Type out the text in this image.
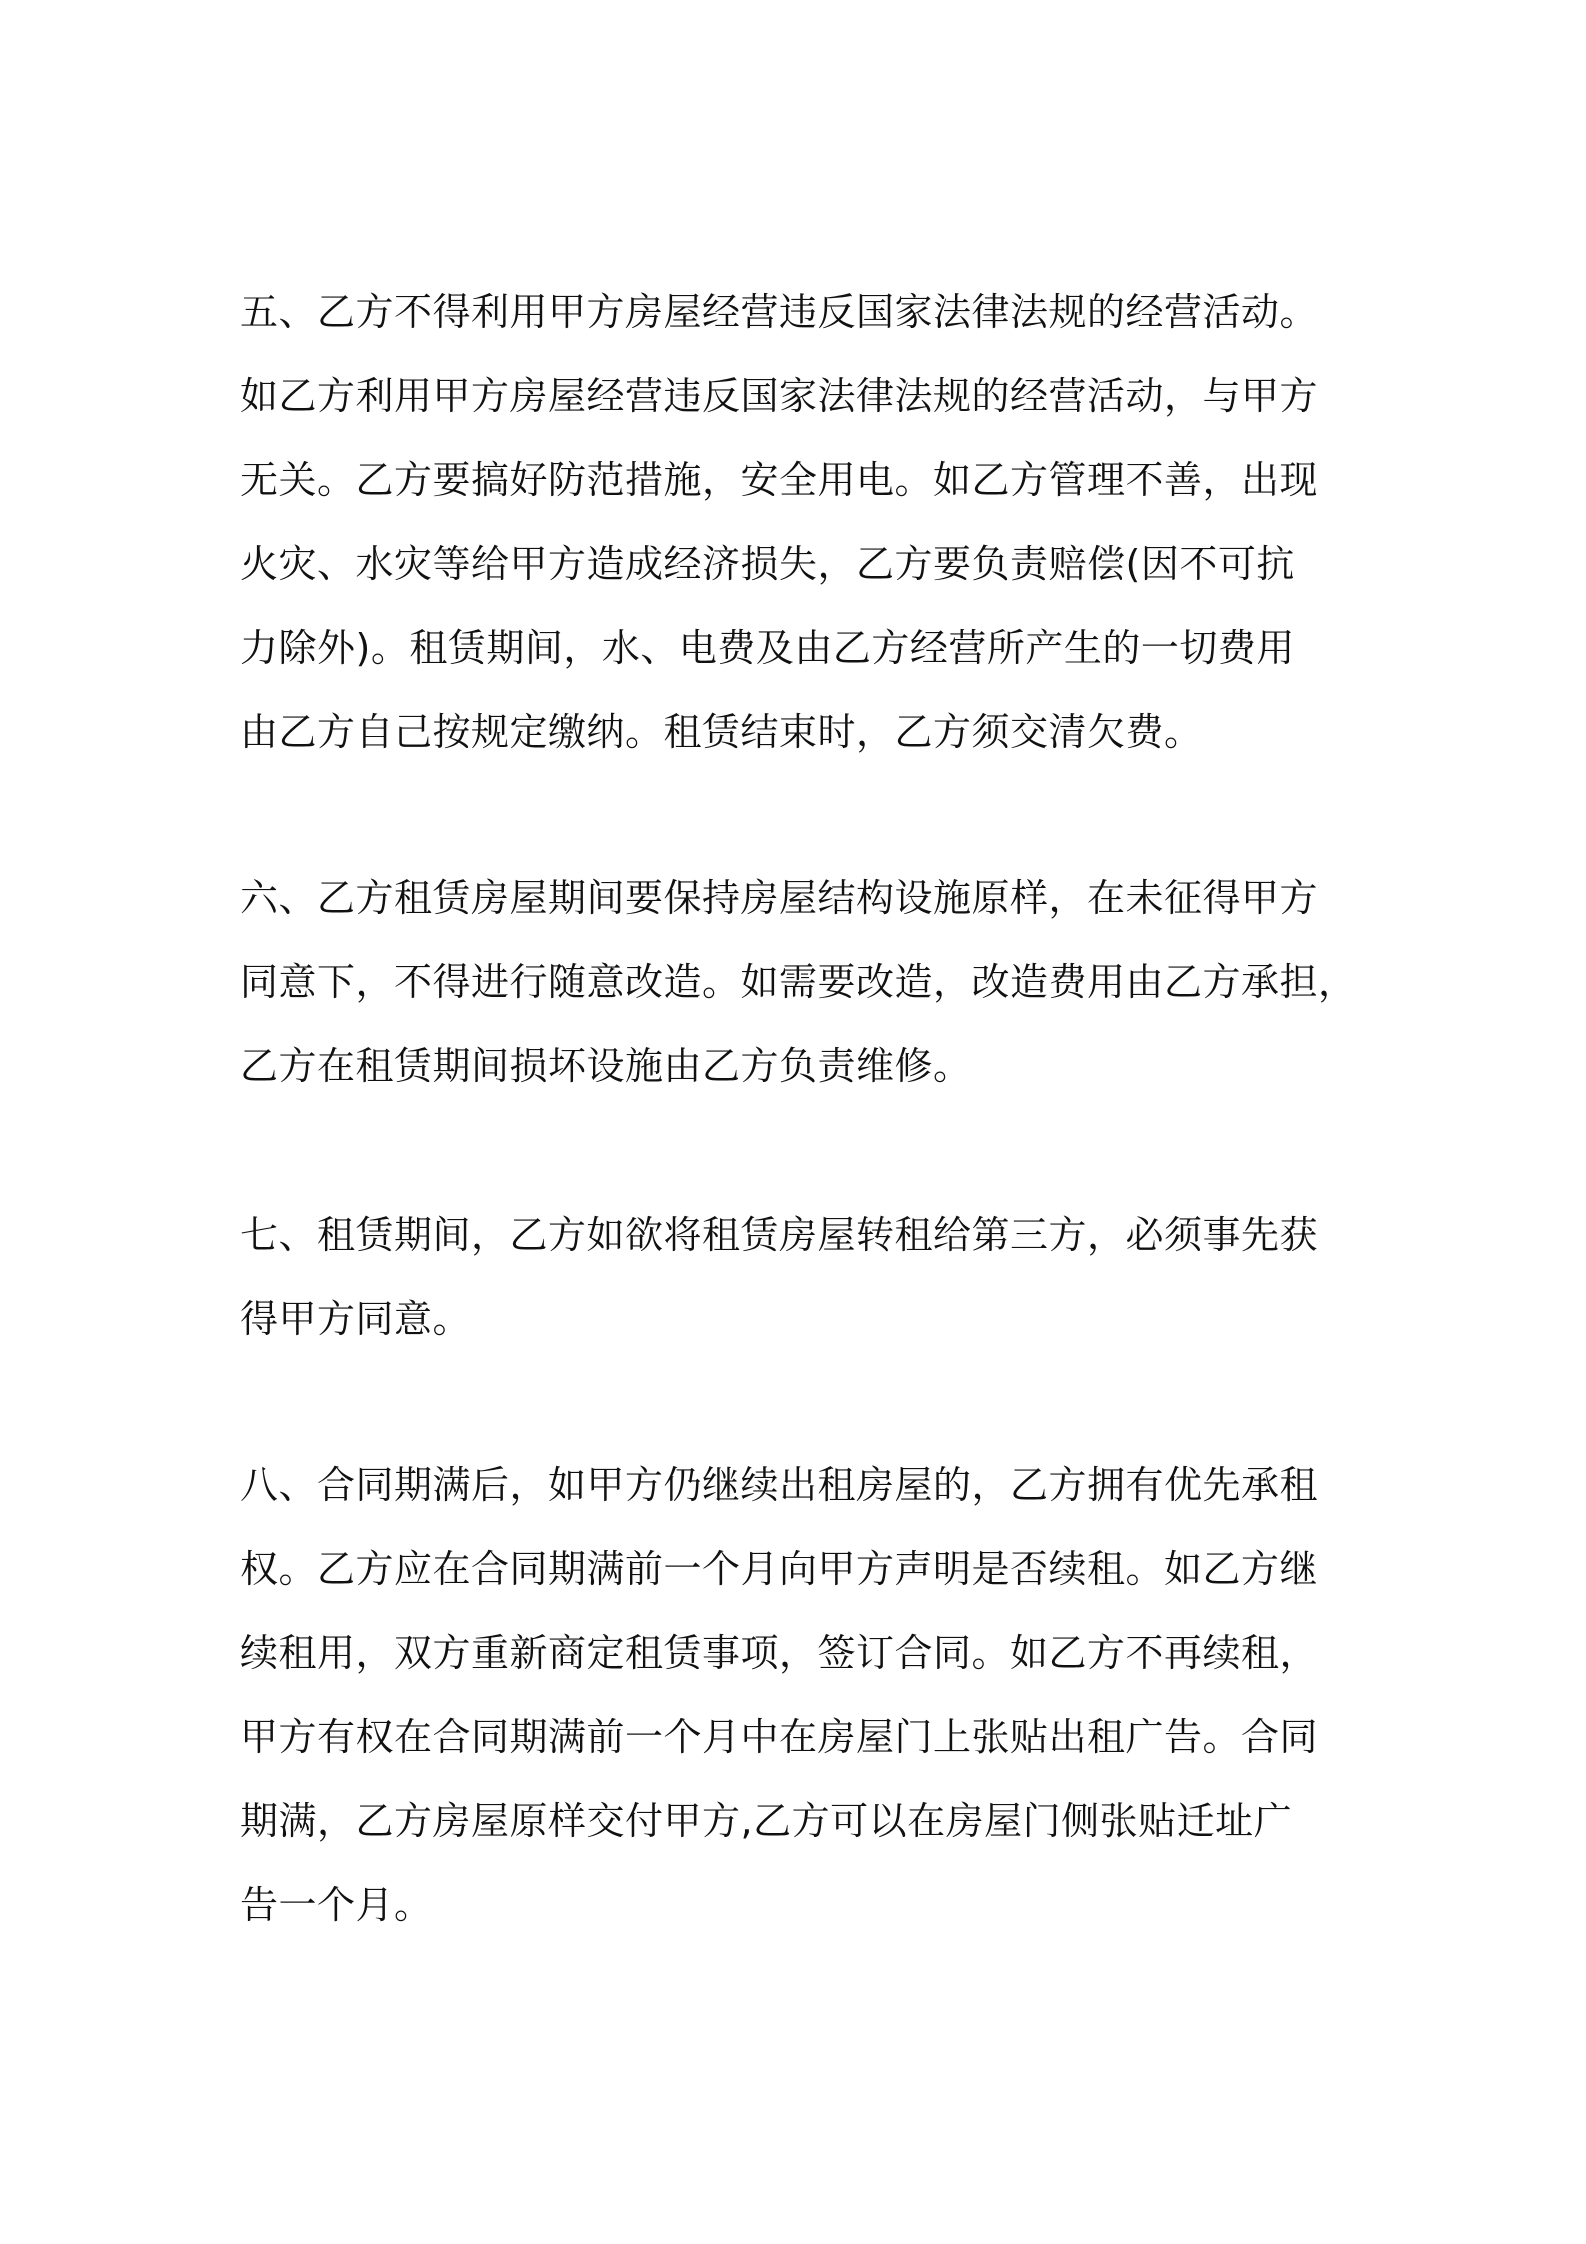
五、乙方不得利用甲方房屋经营违反国家法律法规的经营活动。
如乙方利用甲方房屋经营违反国家法律法规的经营活动，与甲方
无关。乙方要搞好防范措施，安全用电。如乙方管理不善，出现
火灾、水灾等给甲方造成经济损失，乙方要负责赔偿(因不可抗
力除外)。租赁期间，水、电费及由乙方经营所产生的一切费用
由乙方自己按规定缴纳。租赁结束时，乙方须交清欠费。

六、乙方租赁房屋期间要保持房屋结构设施原样，在未征得甲方
同意下，不得进行随意改造。如需要改造，改造费用由乙方承担，
乙方在租赁期间损坏设施由乙方负责维修。

七、租赁期间，乙方如欲将租赁房屋转租给第三方，必须事先获
得甲方同意。

八、合同期满后，如甲方仍继续出租房屋的，乙方拥有优先承租
权。乙方应在合同期满前一个月向甲方声明是否续租。如乙方继
续租用，双方重新商定租赁事项，签订合同。如乙方不再续租，
甲方有权在合同期满前一个月中在房屋门上张贴出租广告。合同
期满，乙方房屋原样交付甲方,乙方可以在房屋门侧张贴迁址广
告一个月。
